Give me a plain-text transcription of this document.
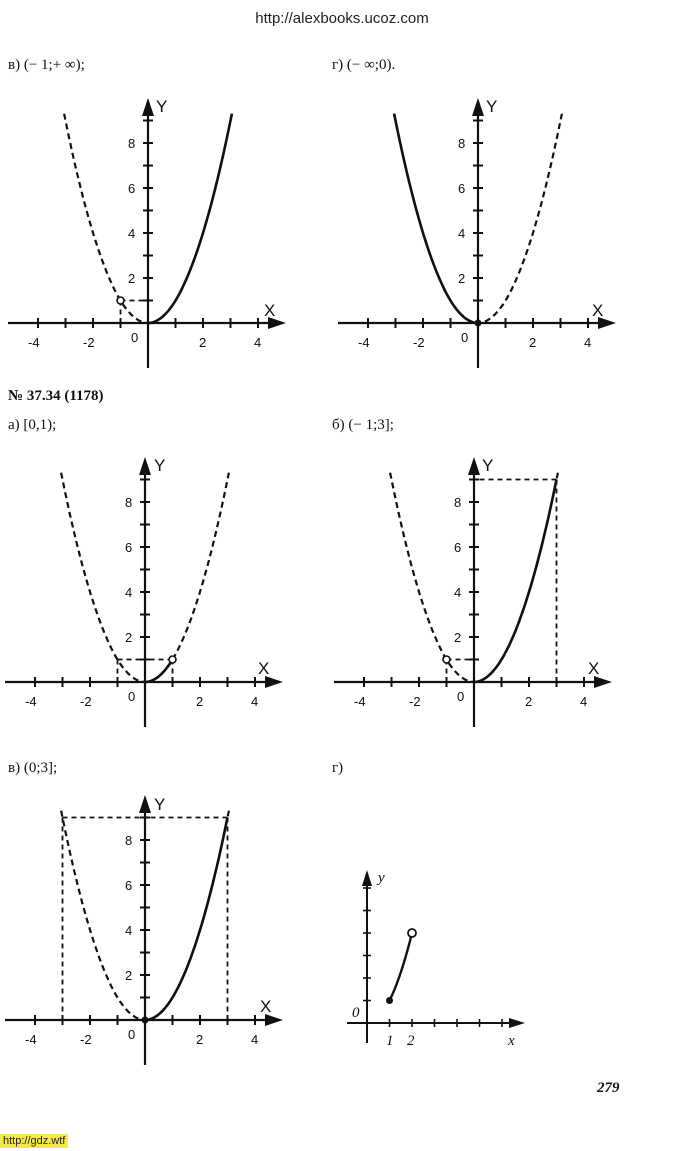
http://alexbooks.ucoz.com
в) (− 1;+ ∞);	г) (− ∞;0).
X
Y
0
-4	-2	2	4
2
4
6
8
X
Y
0
-4	-2	2	4
2
4
6
8
№ 37.34 (1178)
а) [0,1);	б) (− 1;3];
X
Y
0
-4	-2	2	4
2
4
6
8
X
Y
0
-4	-2	2	4
2
4
6
8
в) (0;3];	г)
X
Y
0
-4	-2	2	4
2
4
6
8
y
x
0
1 2
279
http://gdz.wtf
